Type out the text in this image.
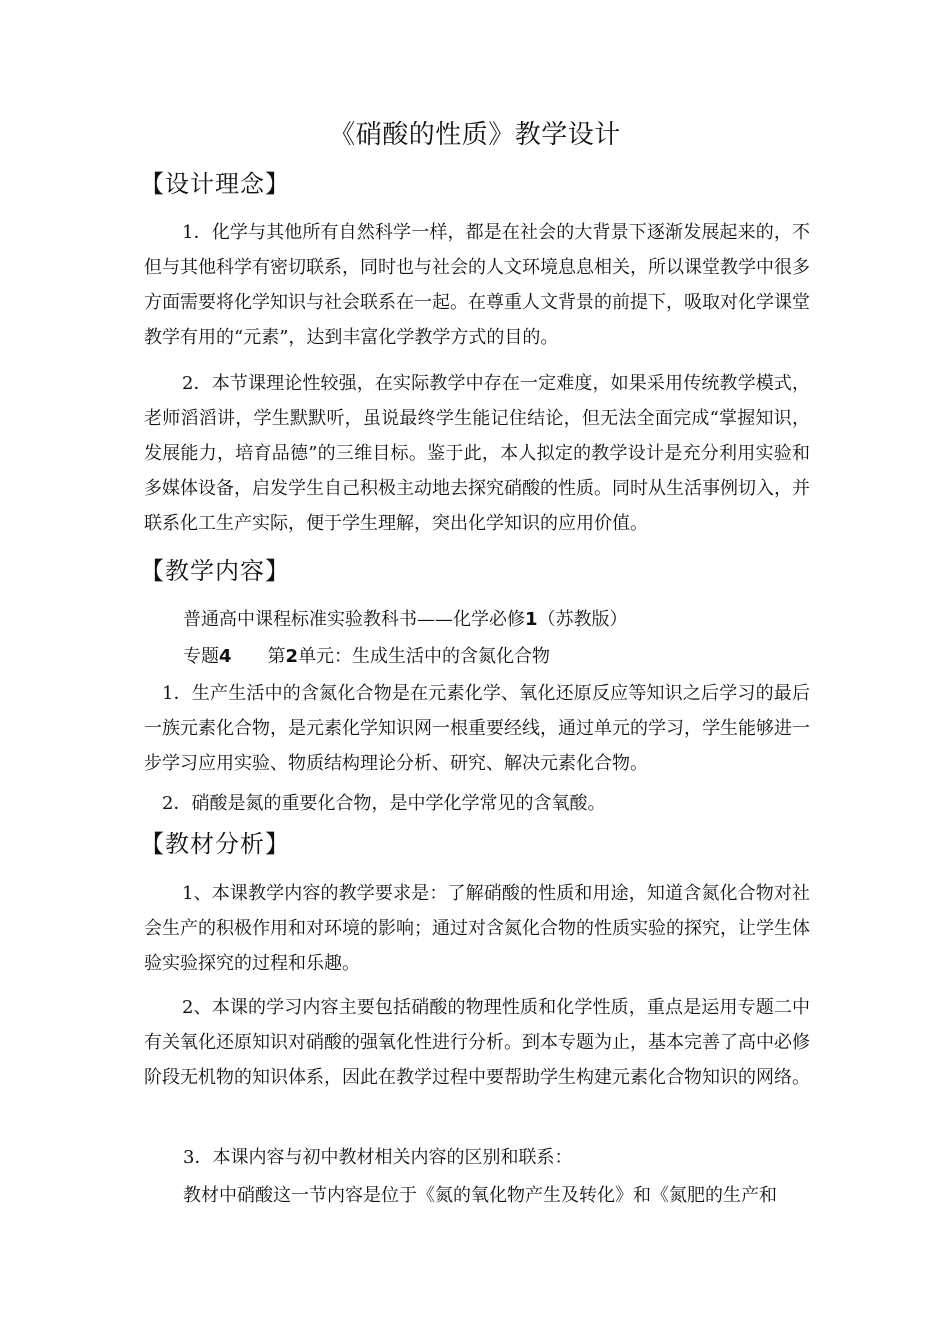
《硝酸的性质》教学设计
【设计理念】

1．化学与其他所有自然科学一样，都是在社会的大背景下逐渐发展起来的，不但与其他科学有密切联系，同时也与社会的人文环境息息相关，所以课堂教学中很多方面需要将化学知识与社会联系在一起。在尊重人文背景的前提下，吸取对化学课堂教学有用的“元素”，达到丰富化学教学方式的目的。

2．本节课理论性较强，在实际教学中存在一定难度，如果采用传统教学模式，老师滔滔讲，学生默默听，虽说最终学生能记住结论，但无法全面完成“掌握知识，发展能力，培育品德”的三维目标。鉴于此，本人拟定的教学设计是充分利用实验和多媒体设备，启发学生自己积极主动地去探究硝酸的性质。同时从生活事例切入，并联系化工生产实际，便于学生理解，突出化学知识的应用价值。

【教学内容】

普通高中课程标准实验教科书——化学必修1（苏教版）

专题4 第2单元：生成生活中的含氮化合物

1．生产生活中的含氮化合物是在元素化学、氧化还原反应等知识之后学习的最后一族元素化合物，是元素化学知识网一根重要经线，通过单元的学习，学生能够进一步学习应用实验、物质结构理论分析、研究、解决元素化合物。

2．硝酸是氮的重要化合物，是中学化学常见的含氧酸。

【教材分析】

1、本课教学内容的教学要求是：了解硝酸的性质和用途，知道含氮化合物对社会生产的积极作用和对环境的影响；通过对含氮化合物的性质实验的探究，让学生体验实验探究的过程和乐趣。

2、本课的学习内容主要包括硝酸的物理性质和化学性质，重点是运用专题二中有关氧化还原知识对硝酸的强氧化性进行分析。到本专题为止，基本完善了高中必修阶段无机物的知识体系，因此在教学过程中要帮助学生构建元素化合物知识的网络。

3．本课内容与初中教材相关内容的区别和联系：

教材中硝酸这一节内容是位于《氮的氧化物产生及转化》和《氮肥的生产和
